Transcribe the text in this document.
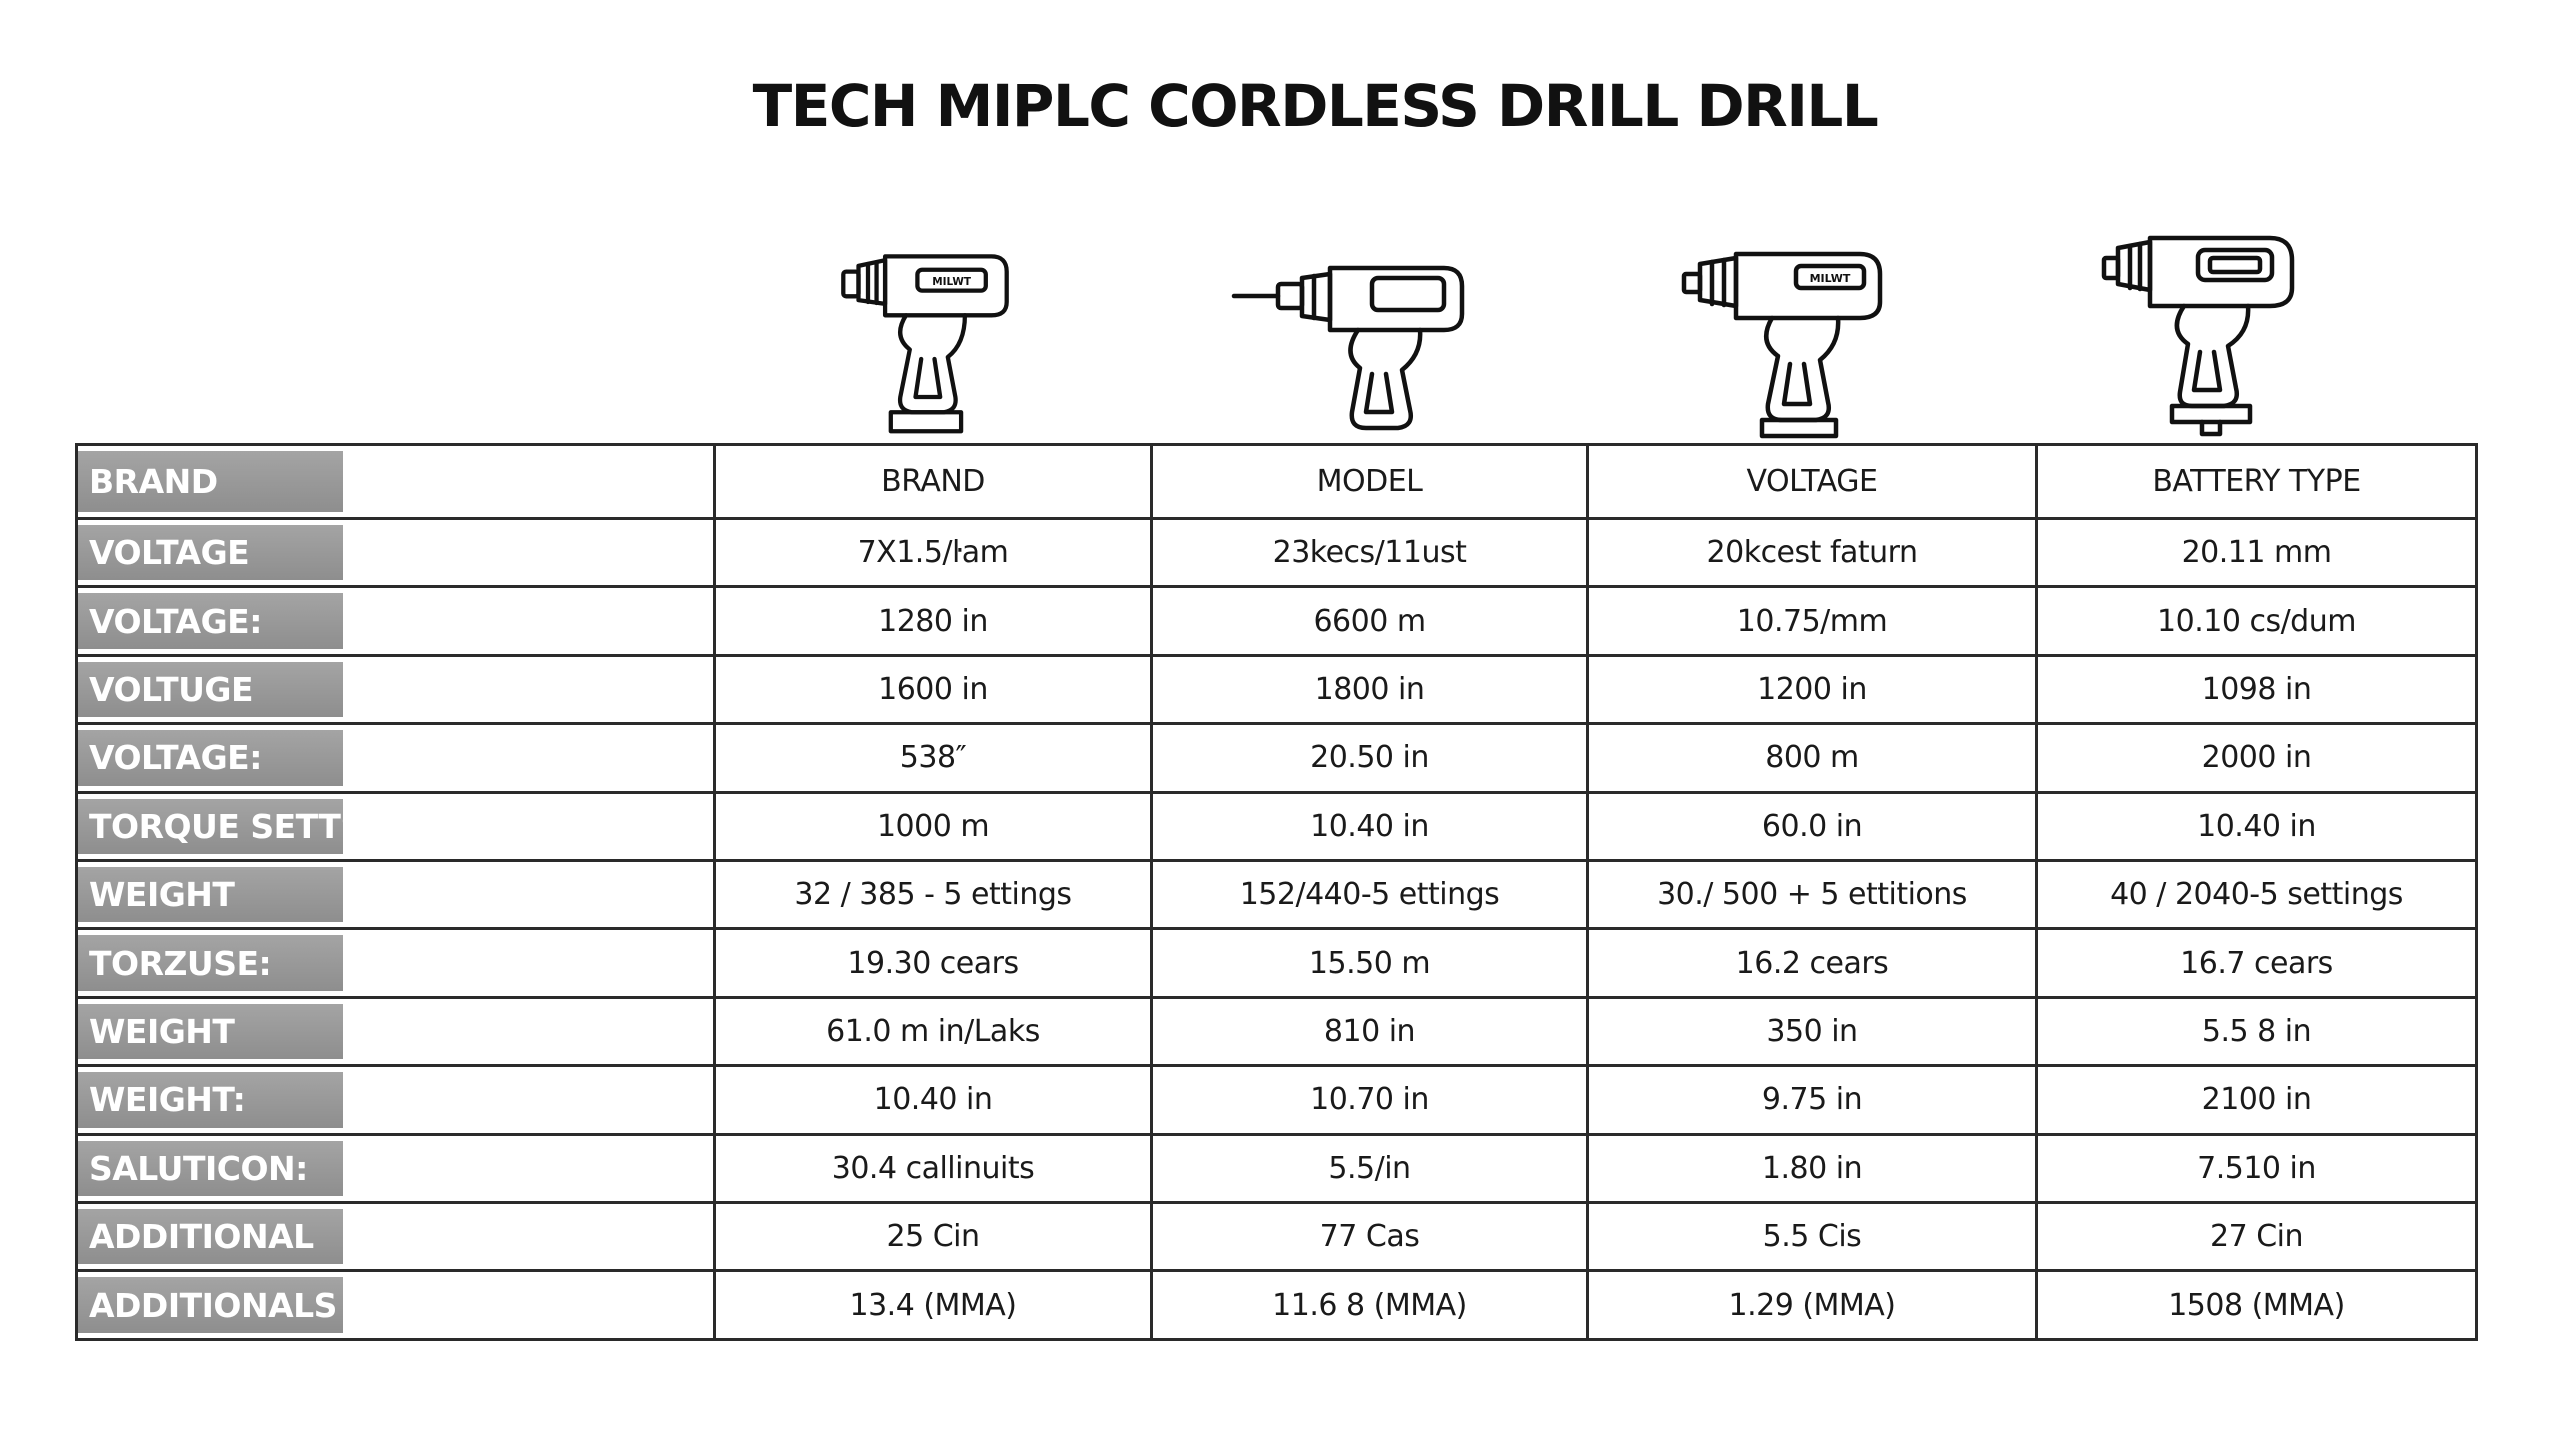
TECH MIPLC CORDLESS DRILL DRILL
MILWT	MILWT
BRAND	BRAND	MODEL	VOLTAGE	BATTERY TYPE

VOLTAGE	7X1.5/ŀam	23kecs/11ust	20kcest faturn	20.11 mm

VOLTAGE:	1280 in	6600 m	10.75/mm	10.10 cs/dum

VOLTUGE	1600 in	1800 in	1200 in	1098 in

VOLTAGE:	538″	20.50 in	800 m	2000 in

TORQUE SETTS	1000 m	10.40 in	60.0 in	10.40 in

WEIGHT	32 / 385 - 5 ettings	152/440-5 ettings	30./ 500 + 5 ettitions	40 / 2040-5 settings

TORZUSE:	19.30 cears	15.50 m	16.2 cears	16.7 cears

WEIGHT	61.0 m in/Laks	810 in	350 in	5.5 8 in

WEIGHT:	10.40 in	10.70 in	9.75 in	2100 in

SALUTICON:	30.4 callinuits	5.5/in	1.80 in	7.510 in

ADDITIONAL	25 Cin	77 Cas	5.5 Cis	27 Cin

ADDITIONALS	13.4 (MMA)	11.6 8 (MMA)	1.29 (MMA)	1508 (MMA)
